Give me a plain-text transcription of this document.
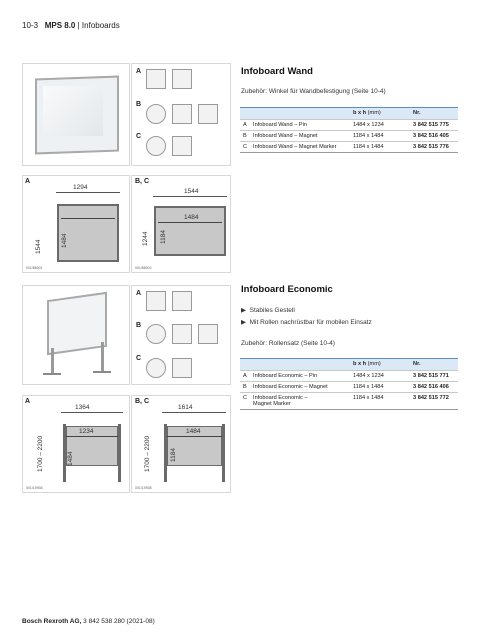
10-3 MPS 8.0 | Infoboards
A
B
C
Infoboard Wand
Zubehör: Winkel für Wandbefestigung (Seite 10-4)
		b x h (mm)	Nr.
A	Infoboard Wand – Pin	1484 x 1234	3 842 515 775
B	Infoboard Wand – Magnet	1184 x 1484	3 842 516 405
C	Infoboard Wand – Magnet Marker	1184 x 1484	3 842 515 776
A
1294
1544	1484
001/88001
B, C
1544
1484
1244 1184
001/88002
A
B
C
Infoboard Economic
▶  Stabiles Gestell
▶  Mit Rollen nachrüstbar für mobilen Einsatz
Zubehör: Rollensatz (Seite 10-4)
		b x h (mm)	Nr.
A	Infoboard Economic – Pin	1484 x 1234	3 842 515 771
B	Infoboard Economic – Magnet	1184 x 1484	3 842 516 406
C	Infoboard Economic –
Magnet Marker	1184 x 1484	3 842 515 772
A
1364
1234
1700 – 2200	1484
001/19936
B, C
1614
1484
1700 – 2200	1184
001/19938
Bosch Rexroth AG, 3 842 538 280 (2021-08)
